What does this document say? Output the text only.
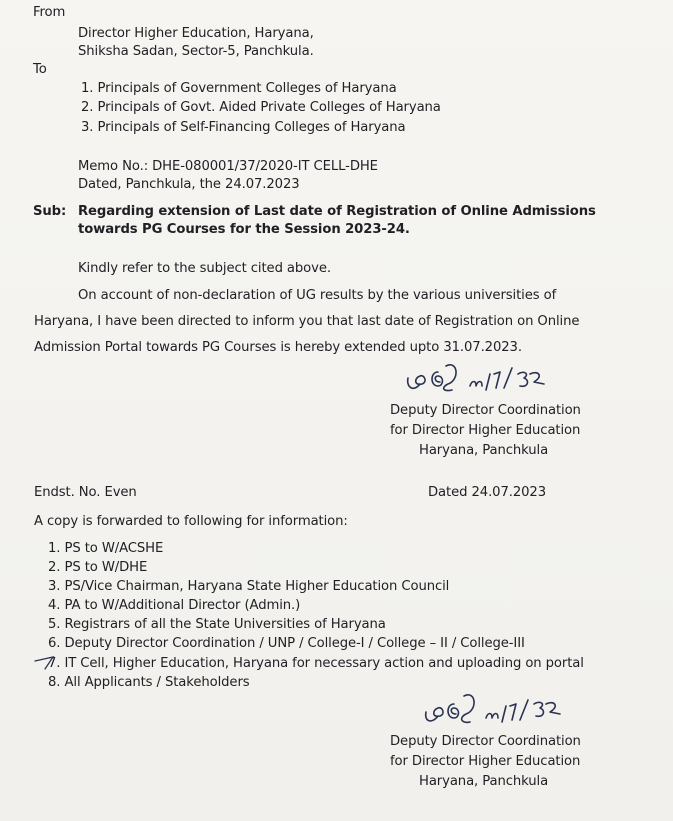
From
Director Higher Education, Haryana,
Shiksha Sadan, Sector-5, Panchkula.
To
1. Principals of Government Colleges of Haryana
2. Principals of Govt. Aided Private Colleges of Haryana
3. Principals of Self-Financing Colleges of Haryana
Memo No.: DHE-080001/37/2020-IT CELL-DHE
Dated, Panchkula, the 24.07.2023
Sub: Regarding extension of Last date of Registration of Online Admissions
towards PG Courses for the Session 2023-24.
Kindly refer to the subject cited above.
On account of non-declaration of UG results by the various universities of
Haryana, I have been directed to inform you that last date of Registration on Online
Admission Portal towards PG Courses is hereby extended upto 31.07.2023.
Deputy Director Coordination
for Director Higher Education
Haryana, Panchkula
Endst. No. Even	Dated 24.07.2023
A copy is forwarded to following for information:
1. PS to W/ACSHE
2. PS to W/DHE
3. PS/Vice Chairman, Haryana State Higher Education Council
4. PA to W/Additional Director (Admin.)
5. Registrars of all the State Universities of Haryana
6. Deputy Director Coordination / UNP / College-I / College – II / College-III
7. IT Cell, Higher Education, Haryana for necessary action and uploading on portal
8. All Applicants / Stakeholders
Deputy Director Coordination
for Director Higher Education
Haryana, Panchkula
